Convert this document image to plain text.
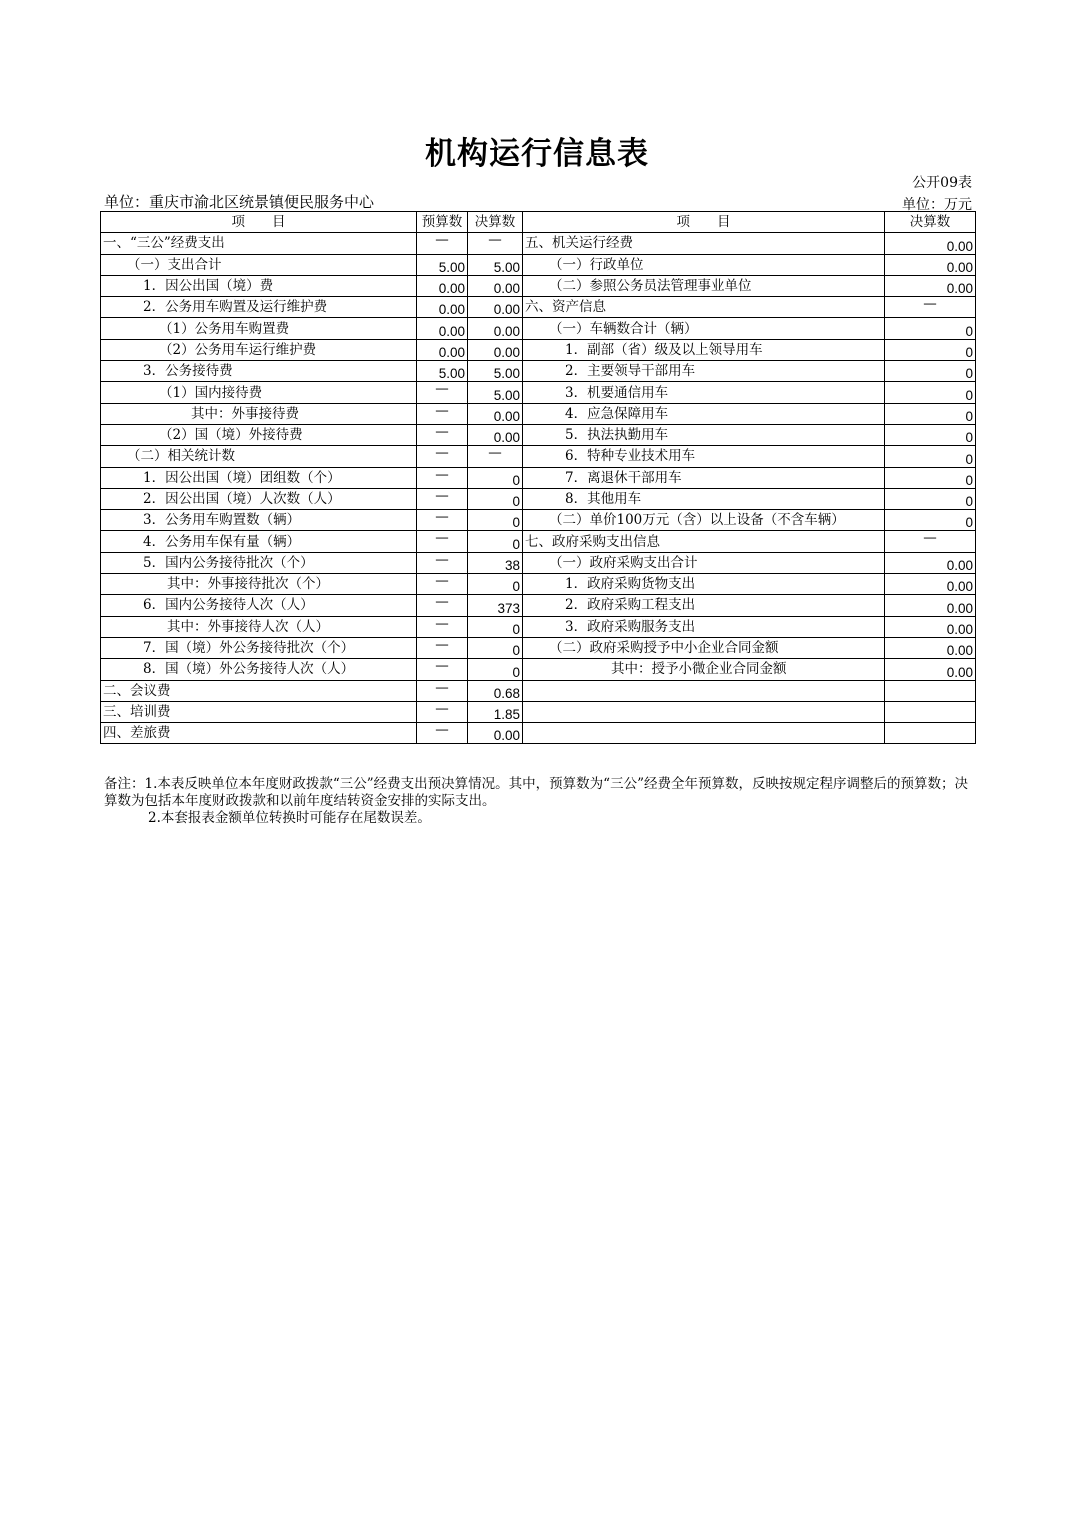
机构运行信息表
公开09表
单位：重庆市渝北区统景镇便民服务中心	单位：万元
项　　目	预算数	决算数	项　　目	决算数
一、“三公”经费支出	—	—	五、机关运行经费	0.00
（一）支出合计	5.00	5.00	（一）行政单位	0.00
1．因公出国（境）费	0.00	0.00	（二）参照公务员法管理事业单位	0.00
2．公务用车购置及运行维护费	0.00	0.00	六、资产信息	—
（1）公务用车购置费	0.00	0.00	（一）车辆数合计（辆）	0
（2）公务用车运行维护费	0.00	0.00	1．副部（省）级及以上领导用车	0
3．公务接待费	5.00	5.00	2．主要领导干部用车	0
（1）国内接待费	—	5.00	3．机要通信用车	0
其中：外事接待费	—	0.00	4．应急保障用车	0
（2）国（境）外接待费	—	0.00	5．执法执勤用车	0
（二）相关统计数	—	—	6．特种专业技术用车	0
1．因公出国（境）团组数（个）	—	0	7．离退休干部用车	0
2．因公出国（境）人次数（人）	—	0	8．其他用车	0
3．公务用车购置数（辆）	—	0	（二）单价100万元（含）以上设备（不含车辆）	0
4．公务用车保有量（辆）	—	0	七、政府采购支出信息	—
5．国内公务接待批次（个）	—	38	（一）政府采购支出合计	0.00
其中：外事接待批次（个）	—	0	1．政府采购货物支出	0.00
6．国内公务接待人次（人）	—	373	2．政府采购工程支出	0.00
其中：外事接待人次（人）	—	0	3．政府采购服务支出	0.00
7．国（境）外公务接待批次（个）	—	0	（二）政府采购授予中小企业合同金额	0.00
8．国（境）外公务接待人次（人）	—	0	其中：授予小微企业合同金额	0.00
二、会议费	—	0.68		
三、培训费	—	1.85		
四、差旅费	—	0.00		

备注：1.本表反映单位本年度财政拨款“三公”经费支出预决算情况。其中，预算数为“三公”经费全年预算数，反映按规定程序调整后的预算数；决算数为包括本年度财政拨款和以前年度结转资金安排的实际支出。

2.本套报表金额单位转换时可能存在尾数误差。
